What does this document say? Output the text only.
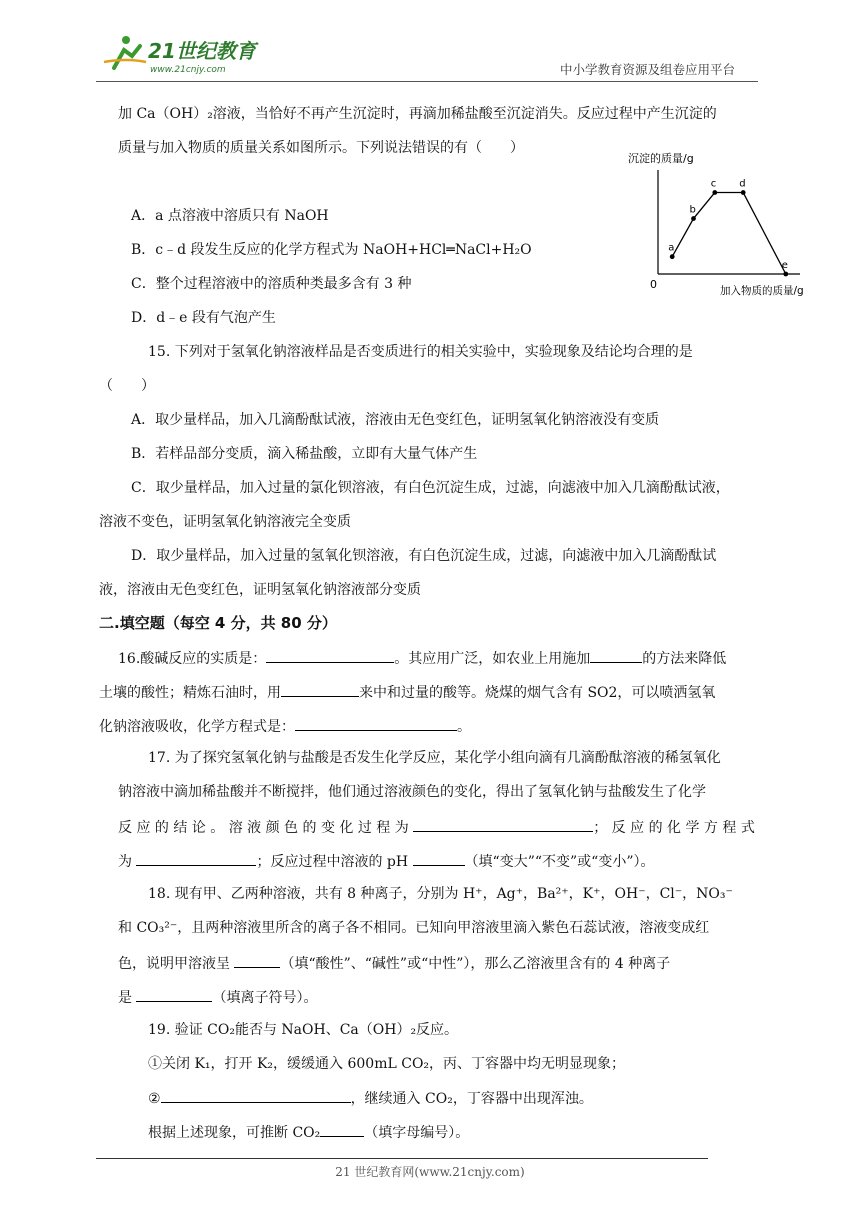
21世纪教育
www.21cnjy.com	中小学教育资源及组卷应用平台
加 Ca（OH）₂溶液，当恰好不再产生沉淀时，再滴加稀盐酸至沉淀消失。反应过程中产生沉淀的
质量与加入物质的质量关系如图所示。下列说法错误的有（　　）
A．a 点溶液中溶质只有 NaOH
B．c﹣d 段发生反应的化学方程式为 NaOH+HCl═NaCl+H₂O
C．整个过程溶液中的溶质种类最多含有 3 种
D．d﹣e 段有气泡产生
沉淀的质量/g
0	加入物质的质量/g
a
b
c d
e
15. 下列对于氢氧化钠溶液样品是否变质进行的相关实验中，实验现象及结论均合理的是
（　　）
A．取少量样品，加入几滴酚酞试液，溶液由无色变红色，证明氢氧化钠溶液没有变质
B．若样品部分变质，滴入稀盐酸，立即有大量气体产生
C．取少量样品，加入过量的氯化钡溶液，有白色沉淀生成，过滤，向滤液中加入几滴酚酞试液，
溶液不变色，证明氢氧化钠溶液完全变质
D．取少量样品，加入过量的氢氧化钡溶液，有白色沉淀生成，过滤，向滤液中加入几滴酚酞试
液，溶液由无色变红色，证明氢氧化钠溶液部分变质
二.填空题（每空 4 分，共 80 分）
16.酸碱反应的实质是：	。其应用广泛，如农业上用施加	的方法来降低
土壤的酸性；精炼石油时，用	来中和过量的酸等。烧煤的烟气含有 SO2，可以喷洒氢氧
化钠溶液吸收，化学方程式是：	。
17. 为了探究氢氧化钠与盐酸是否发生化学反应，某化学小组向滴有几滴酚酞溶液的稀氢氧化
钠溶液中滴加稀盐酸并不断搅拌，他们通过溶液颜色的变化，得出了氢氧化钠与盐酸发生了化学
反 应 的 结 论 。 溶 液 颜 色 的 变 化 过 程 为	； 反 应 的 化 学 方 程 式
为	；反应过程中溶液的 pH	（填“变大”“不变”或“变小”）。
18. 现有甲、乙两种溶液，共有 8 种离子，分别为 H⁺，Ag⁺，Ba²⁺，K⁺，OH⁻，Cl⁻，NO₃⁻
和 CO₃²⁻，且两种溶液里所含的离子各不相同。已知向甲溶液里滴入紫色石蕊试液，溶液变成红
色，说明甲溶液呈	（填“酸性”、“碱性”或“中性”），那么乙溶液里含有的 4 种离子
是	（填离子符号）。
19. 验证 CO₂能否与 NaOH、Ca（OH）₂反应。
①关闭 K₁，打开 K₂，缓缓通入 600mL CO₂，丙、丁容器中均无明显现象；
②	，继续通入 CO₂，丁容器中出现浑浊。
根据上述现象，可推断 CO₂	（填字母编号）。
21 世纪教育网(www.21cnjy.com)
